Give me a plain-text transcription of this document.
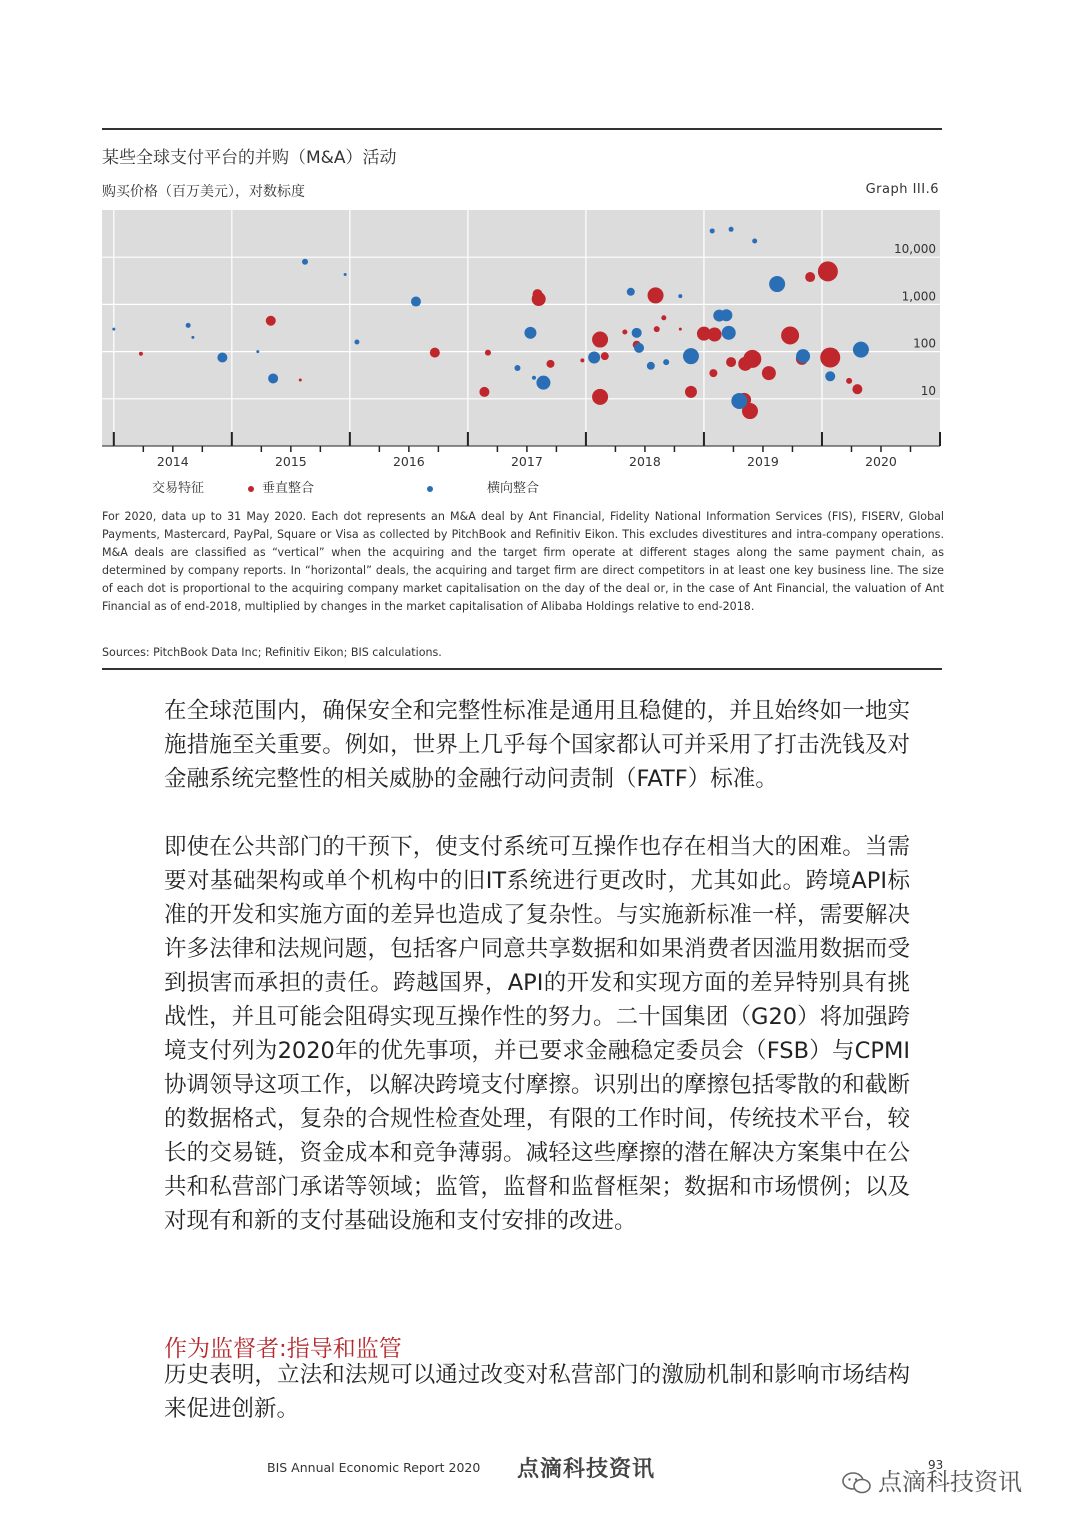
某些全球支付平台的并购（M&A）活动
购买价格（百万美元），对数标度	Graph III.6
10
100
1,000
10,000
2014	2015	2016	2017	2018	2019	2020
交易特征	垂直整合	横向整合
For 2020, data up to 31 May 2020. Each dot represents an M&A deal by Ant Financial, Fidelity National Information Services (FIS), FISERV, Global Payments, Mastercard, PayPal, Square or Visa as collected by PitchBook and Refinitiv Eikon. This excludes divestitures and intra-company operations. M&A deals are classified as “vertical” when the acquiring and the target firm operate at different stages along the same payment chain, as determined by company reports. In “horizontal” deals, the acquiring and target firm are direct competitors in at least one key business line. The size of each dot is proportional to the acquiring company market capitalisation on the day of the deal or, in the case of Ant Financial, the valuation of Ant Financial as of end-2018, multiplied by changes in the market capitalisation of Alibaba Holdings relative to end-2018.
Sources: PitchBook Data Inc; Refinitiv Eikon; BIS calculations.
在全球范围内，确保安全和完整性标准是通用且稳健的，并且始终如一地实施措施至关重要。例如，世界上几乎每个国家都认可并采用了打击洗钱及对金融系统完整性的相关威胁的金融行动问责制（FATF）标准。
即使在公共部门的干预下，使支付系统可互操作也存在相当大的困难。当需要对基础架构或单个机构中的旧IT系统进行更改时，尤其如此。跨境API标准的开发和实施方面的差异也造成了复杂性。与实施新标准一样，需要解决许多法律和法规问题，包括客户同意共享数据和如果消费者因滥用数据而受到损害而承担的责任。跨越国界，API的开发和实现方面的差异特别具有挑战性，并且可能会阻碍实现互操作性的努力。二十国集团（G20）将加强跨境支付列为2020年的优先事项，并已要求金融稳定委员会（FSB）与CPMI协调领导这项工作，以解决跨境支付摩擦。识别出的摩擦包括零散的和截断的数据格式，复杂的合规性检查处理，有限的工作时间，传统技术平台，较长的交易链，资金成本和竞争薄弱。减轻这些摩擦的潜在解决方案集中在公共和私营部门承诺等领域；监管，监督和监督框架；数据和市场惯例；以及对现有和新的支付基础设施和支付安排的改进。
作为监督者:指导和监管
历史表明，立法和法规可以通过改变对私营部门的激励机制和影响市场结构来促进创新。
BIS Annual Economic Report 2020 点滴科技资讯	93
点滴科技资讯
